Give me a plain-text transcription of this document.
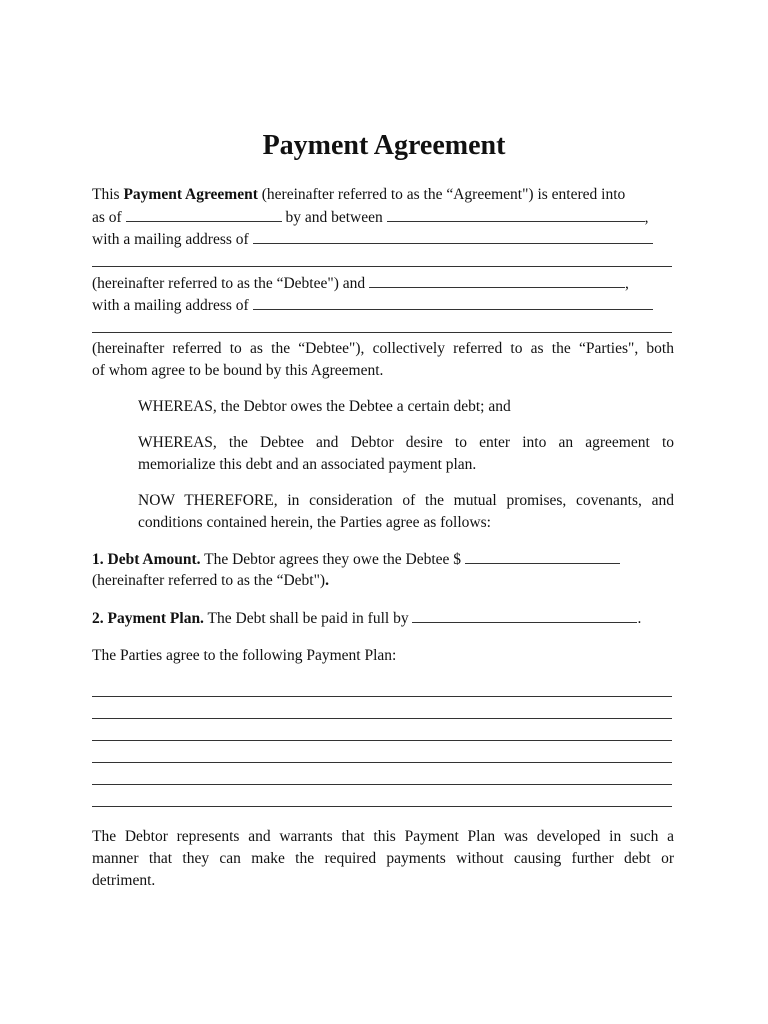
Payment Agreement
This Payment Agreement (hereinafter referred to as the “Agreement") is entered into
as of	by and between	,
with a mailing address of
(hereinafter referred to as the “Debtee") and	,
with a mailing address of
(hereinafter referred to as the “Debtee"), collectively referred to as the “Parties", both
of whom agree to be bound by this Agreement.
WHEREAS, the Debtor owes the Debtee a certain debt; and
WHEREAS, the Debtee and Debtor desire to enter into an agreement to
memorialize this debt and an associated payment plan.
NOW THEREFORE, in consideration of the mutual promises, covenants, and
conditions contained herein, the Parties agree as follows:
1. Debt Amount. The Debtor agrees they owe the Debtee $
(hereinafter referred to as the “Debt").
2. Payment Plan. The Debt shall be paid in full by	.
The Parties agree to the following Payment Plan:
The Debtor represents and warrants that this Payment Plan was developed in such a
manner that they can make the required payments without causing further debt or
detriment.
